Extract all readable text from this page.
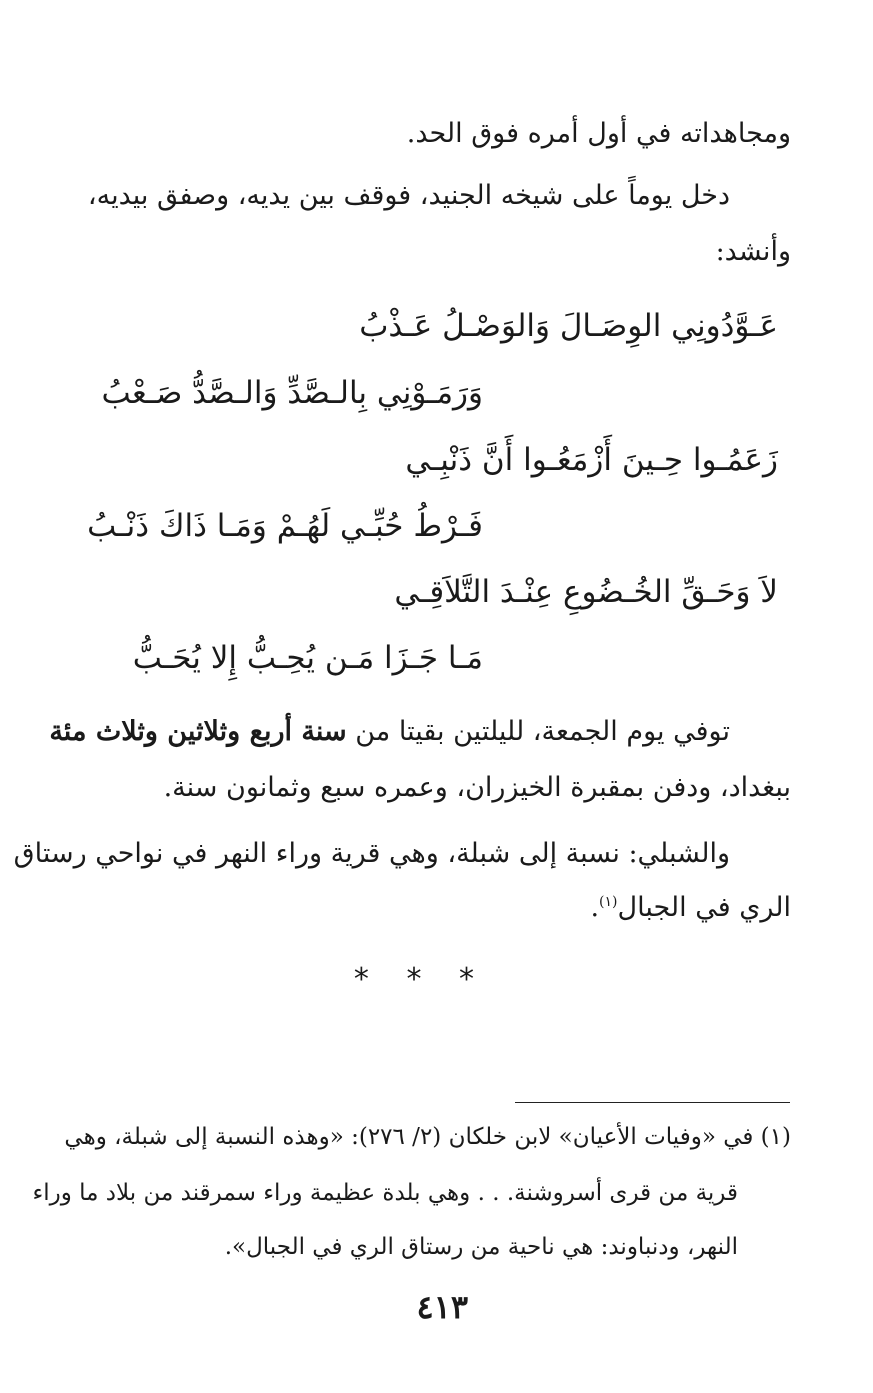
ومجاهداته في أول أمره فوق الحد.
دخل يوماً على شيخه الجنيد، فوقف بين يديه، وصفق بيديه،
وأنشد:
عَـوَّدُونِي الوِصَـالَ وَالوَصْـلُ عَـذْبُ
وَرَمَـوْنِي بِالـصَّدِّ وَالـصَّدُّ صَـعْبُ
زَعَمُـوا حِـينَ أَزْمَعُـوا أَنَّ ذَنْبِـي
فَـرْطُ حُبِّـي لَهُـمْ وَمَـا ذَاكَ ذَنْـبُ
لاَ وَحَـقِّ الخُـضُوعِ عِنْـدَ التَّلاَقِـي
مَـا جَـزَا مَـن يُحِـبُّ إِلا يُحَـبُّ
توفي يوم الجمعة، لليلتين بقيتا من سنة أربع وثلاثين وثلاث مئة
ببغداد، ودفن بمقبرة الخيزران، وعمره سبع وثمانون سنة.
والشبلي: نسبة إلى شبلة، وهي قرية وراء النهر في نواحي رستاق
الري في الجبال$^{(١)}$.
* * *
(١) في «وفيات الأعيان» لابن خلكان (٢/ ٢٧٦): «وهذه النسبة إلى شبلة، وهي
قرية من قرى أسروشنة. . . وهي بلدة عظيمة وراء سمرقند من بلاد ما وراء
النهر، ودنباوند: هي ناحية من رستاق الري في الجبال».
٤١٣
